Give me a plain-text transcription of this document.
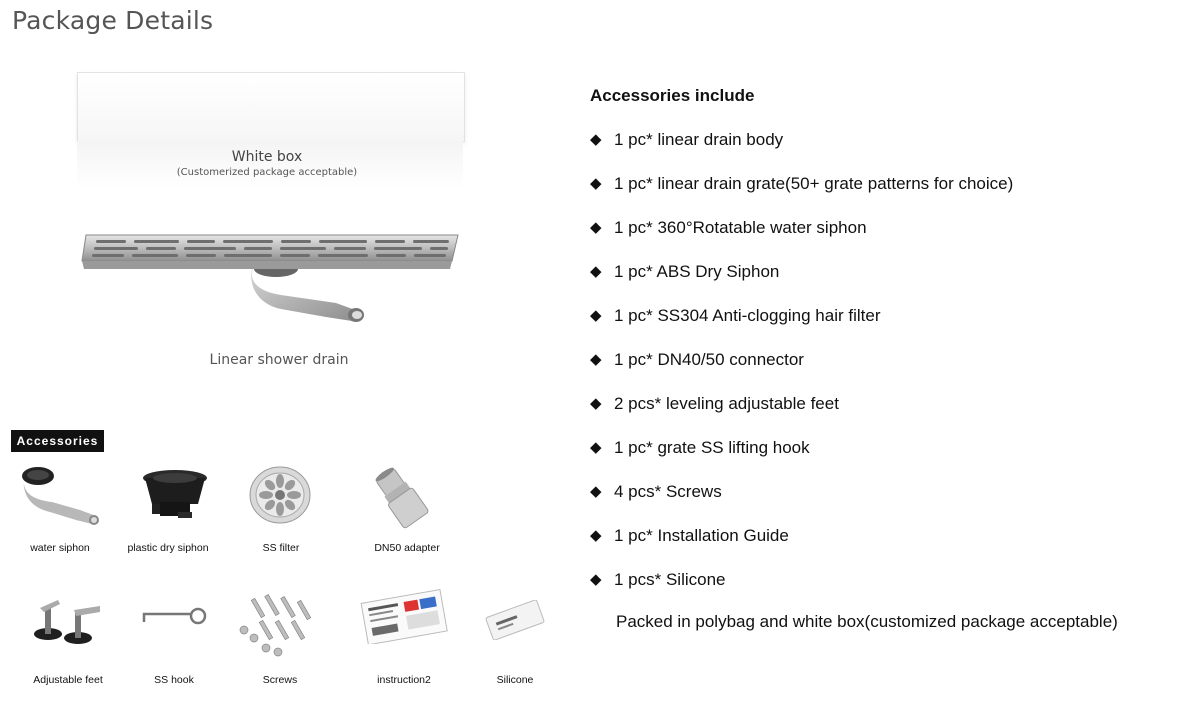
Package Details
White box
(Customerized package acceptable)
Linear shower drain
Accessories
water siphon	plastic dry siphon	SS filter	DN50 adapter
Adjustable feet	SS hook	Screws	instruction2	Silicone
Accessories include
◆ 1 pc* linear drain body
◆ 1 pc* linear drain grate(50+ grate patterns for choice)
◆ 1 pc* 360°Rotatable water siphon
◆ 1 pc* ABS Dry Siphon
◆ 1 pc* SS304 Anti-clogging hair filter
◆ 1 pc* DN40/50 connector
◆ 2 pcs* leveling adjustable feet
◆ 1 pc* grate SS lifting hook
◆ 4 pcs* Screws
◆ 1 pc* Installation Guide
◆ 1 pcs* Silicone
Packed in polybag and white box(customized package acceptable)
